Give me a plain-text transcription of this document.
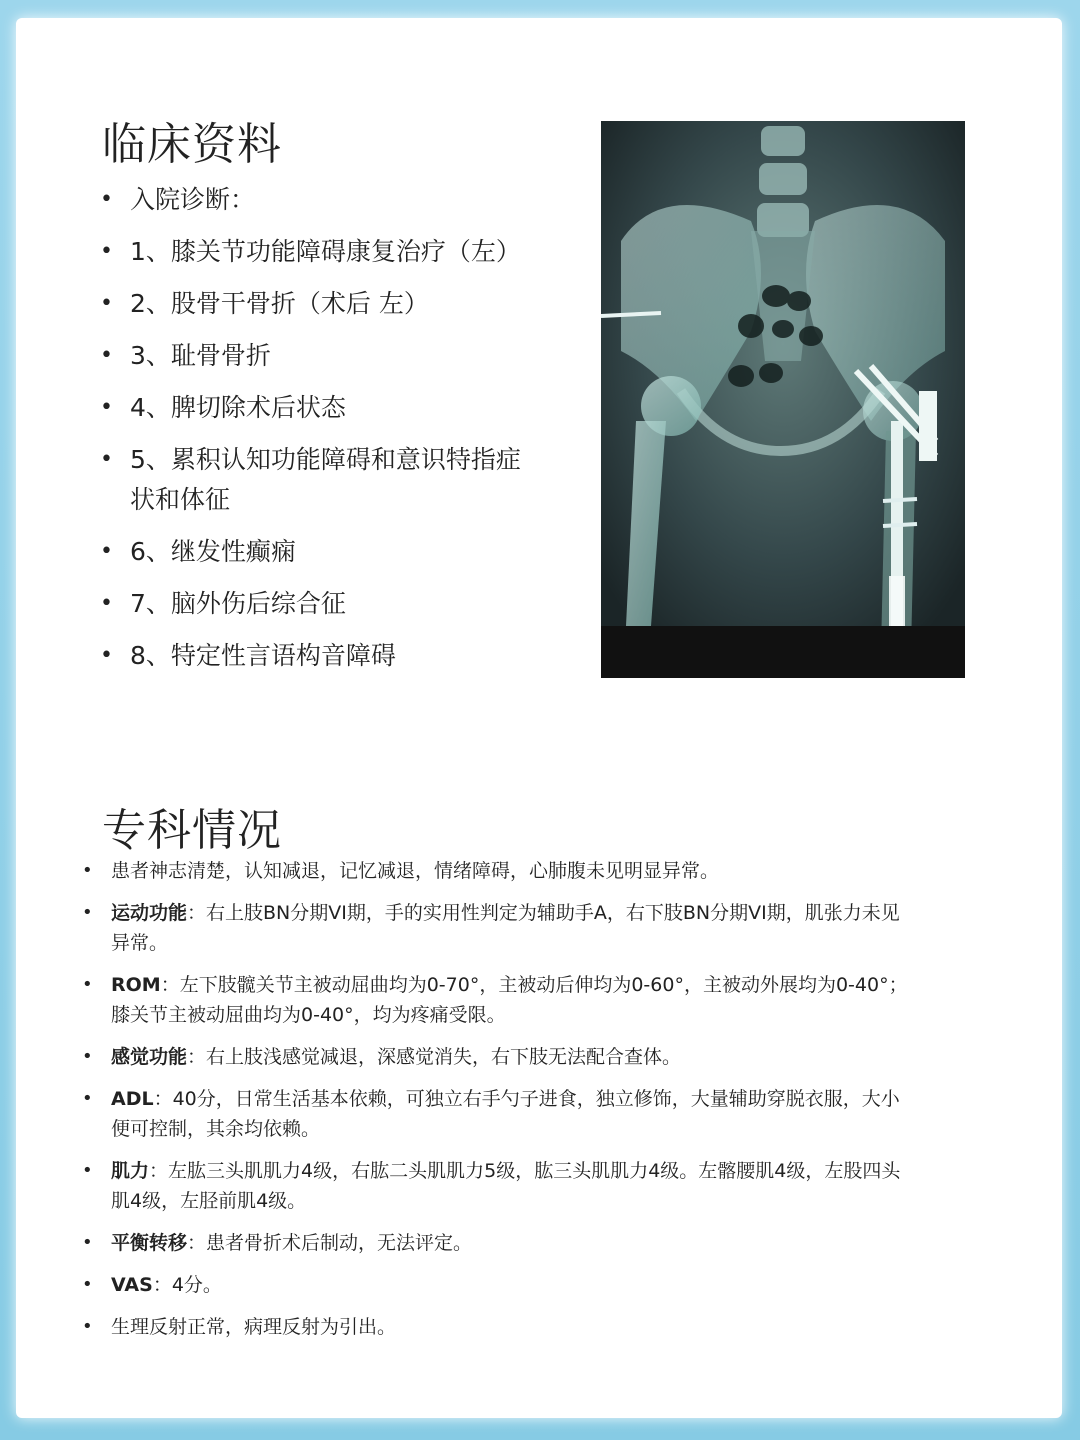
临床资料
• 入院诊断：
• 1、膝关节功能障碍康复治疗（左）
• 2、股骨干骨折（术后 左）
• 3、耻骨骨折
• 4、脾切除术后状态
• 5、累积认知功能障碍和意识特指症状和体征
• 6、继发性癫痫
• 7、脑外伤后综合征
• 8、特定性言语构音障碍
专科情况
• 患者神志清楚，认知减退，记忆减退，情绪障碍，心肺腹未见明显异常。
• 运动功能：右上肢BN分期VI期，手的实用性判定为辅助手A，右下肢BN分期VI期，肌张力未见异常。
• ROM：左下肢髋关节主被动屈曲均为0-70°，主被动后伸均为0-60°，主被动外展均为0-40°；膝关节主被动屈曲均为0-40°，均为疼痛受限。
• 感觉功能：右上肢浅感觉减退，深感觉消失，右下肢无法配合查体。
• ADL：40分，日常生活基本依赖，可独立右手勺子进食，独立修饰，大量辅助穿脱衣服，大小便可控制，其余均依赖。
• 肌力：左肱三头肌肌力4级，右肱二头肌肌力5级，肱三头肌肌力4级。左髂腰肌4级，左股四头肌4级，左胫前肌4级。
• 平衡转移：患者骨折术后制动，无法评定。
• VAS：4分。
• 生理反射正常，病理反射为引出。
